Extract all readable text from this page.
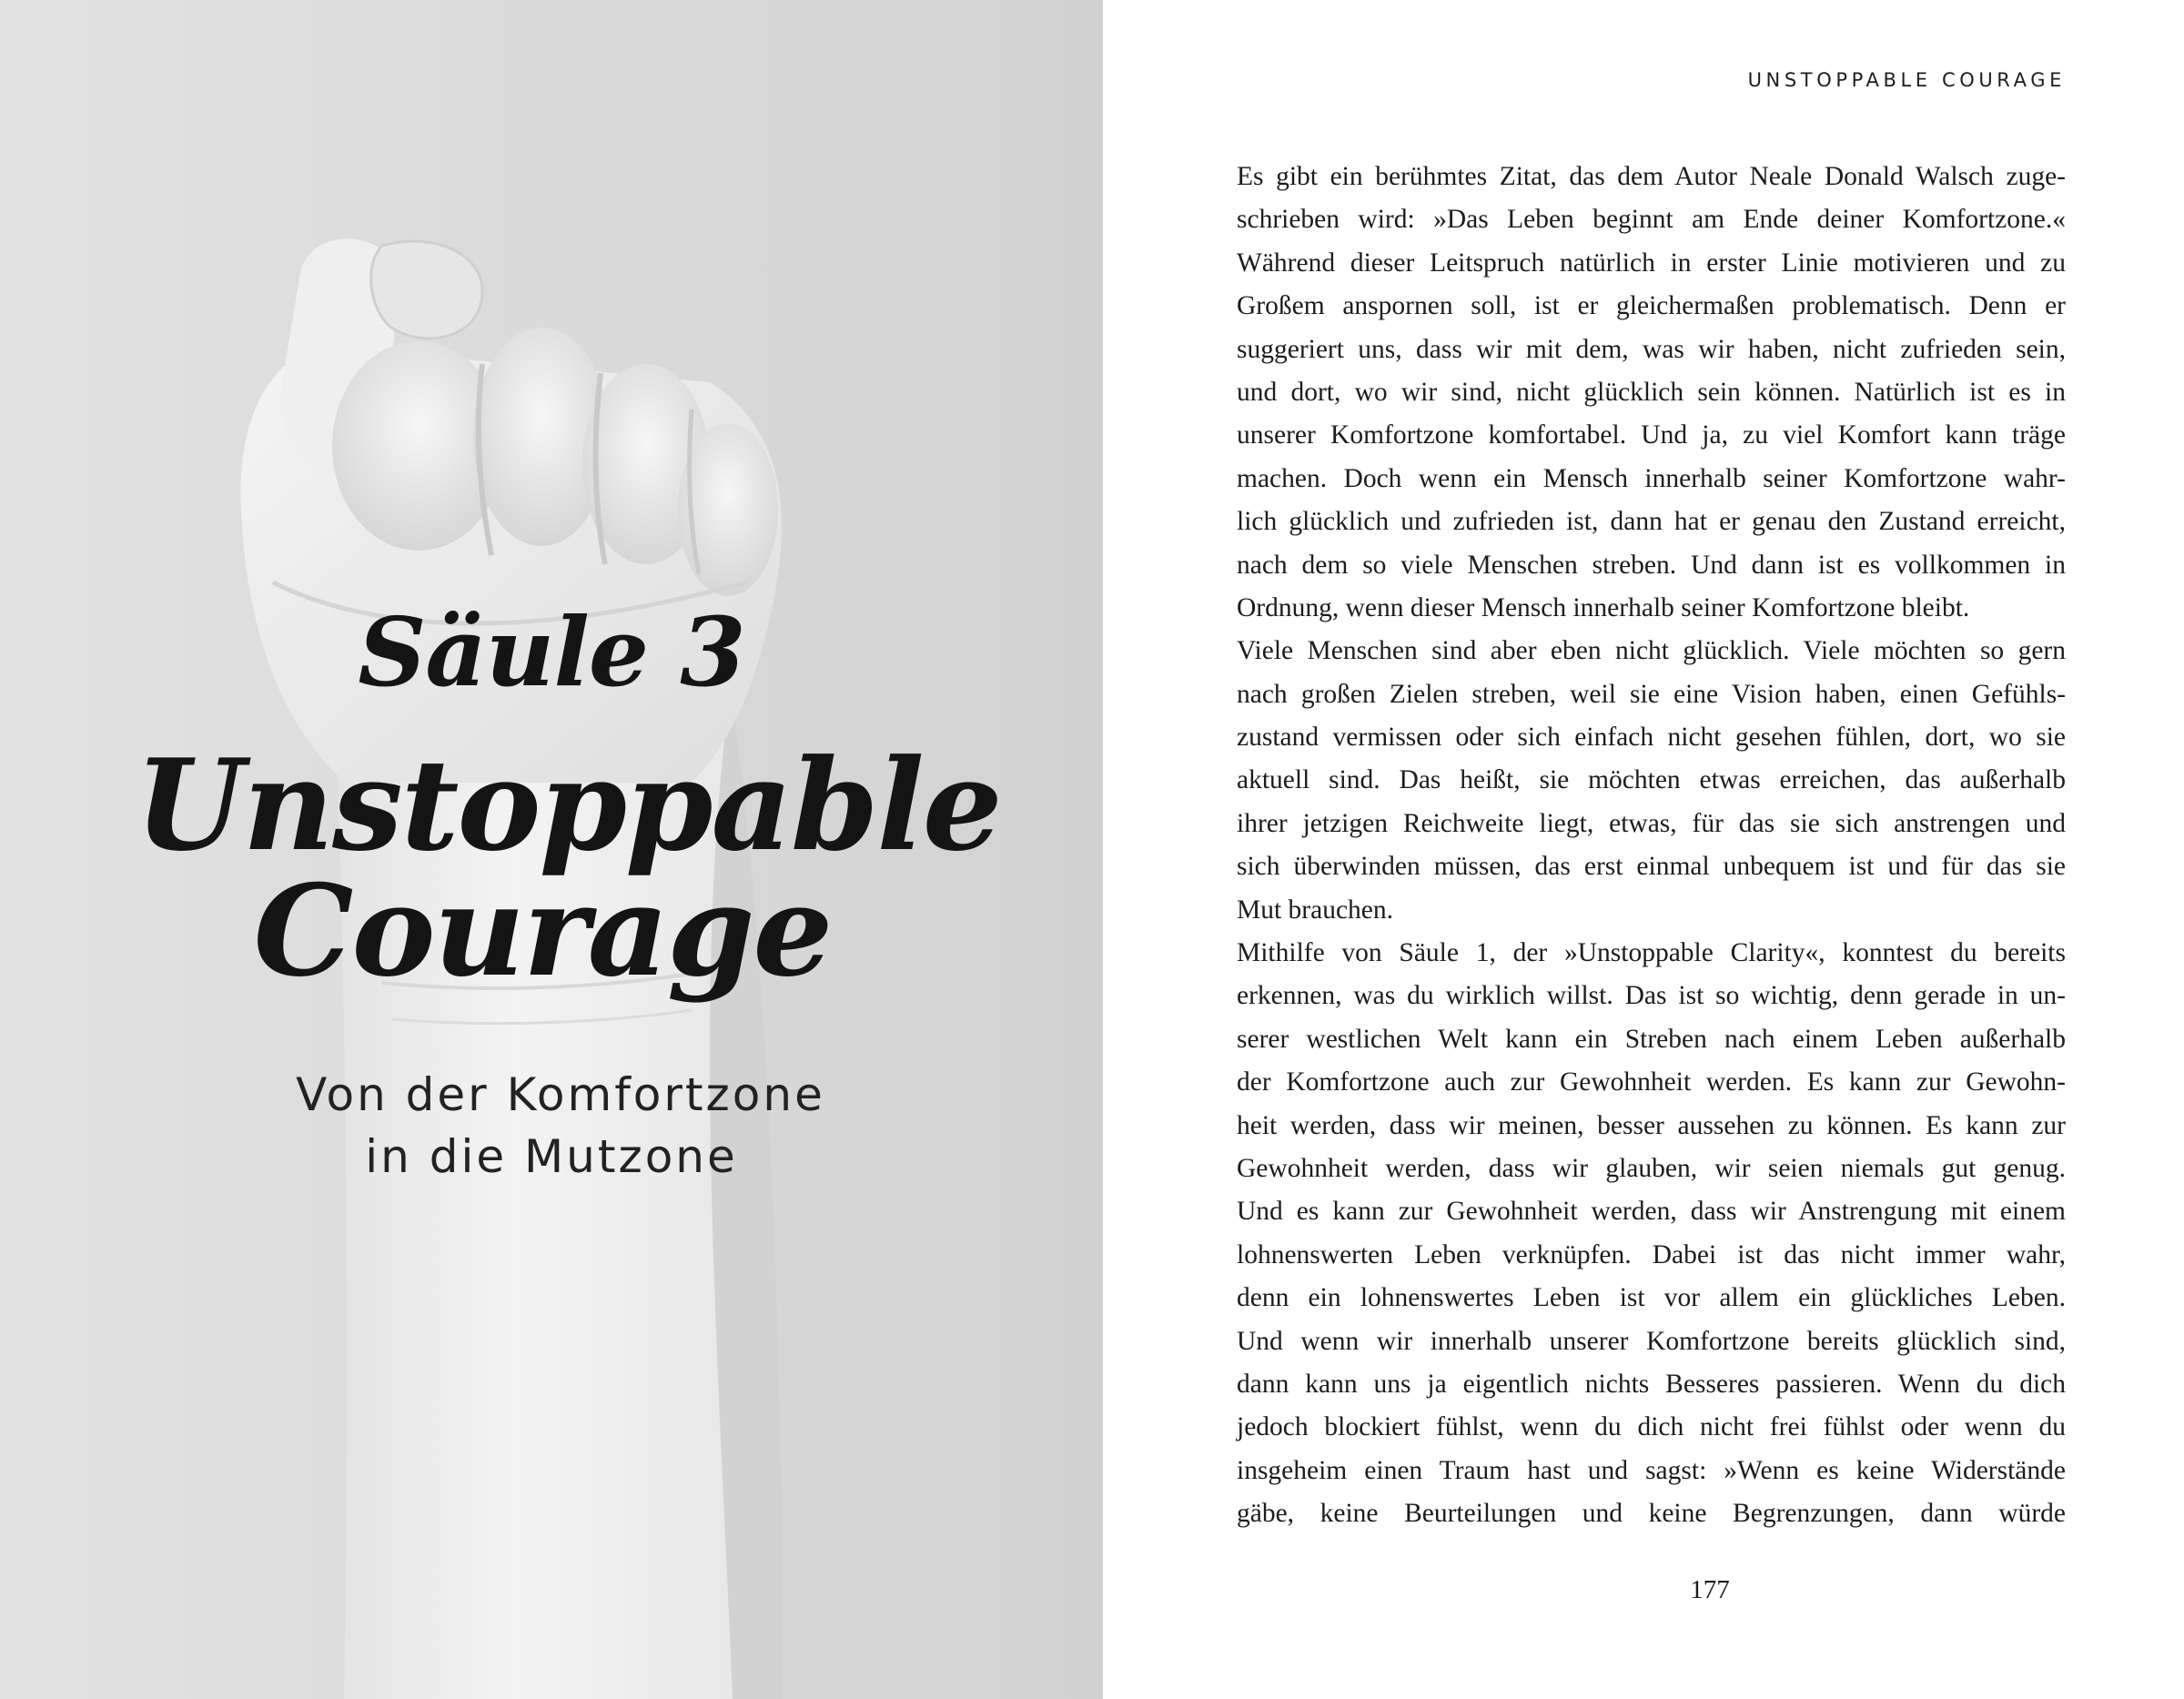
Säule 3
Unstoppable
Courage
Von der Komfortzone
in die Mutzone
UNSTOPPABLE COURAGE
Es gibt ein berühmtes Zitat, das dem Autor Neale Donald Walsch zuge-
schrieben wird: »Das Leben beginnt am Ende deiner Komfortzone.«
Während dieser Leitspruch natürlich in erster Linie motivieren und zu
Großem anspornen soll, ist er gleichermaßen problematisch. Denn er
suggeriert uns, dass wir mit dem, was wir haben, nicht zufrieden sein,
und dort, wo wir sind, nicht glücklich sein können. Natürlich ist es in
unserer Komfortzone komfortabel. Und ja, zu viel Komfort kann träge
machen. Doch wenn ein Mensch innerhalb seiner Komfortzone wahr-
lich glücklich und zufrieden ist, dann hat er genau den Zustand erreicht,
nach dem so viele Menschen streben. Und dann ist es vollkommen in
Ordnung, wenn dieser Mensch innerhalb seiner Komfortzone bleibt.
Viele Menschen sind aber eben nicht glücklich. Viele möchten so gern
nach großen Zielen streben, weil sie eine Vision haben, einen Gefühls-
zustand vermissen oder sich einfach nicht gesehen fühlen, dort, wo sie
aktuell sind. Das heißt, sie möchten etwas erreichen, das außerhalb
ihrer jetzigen Reichweite liegt, etwas, für das sie sich anstrengen und
sich überwinden müssen, das erst einmal unbequem ist und für das sie
Mut brauchen.
Mithilfe von Säule 1, der »Unstoppable Clarity«, konntest du bereits
erkennen, was du wirklich willst. Das ist so wichtig, denn gerade in un-
serer westlichen Welt kann ein Streben nach einem Leben außerhalb
der Komfortzone auch zur Gewohnheit werden. Es kann zur Gewohn-
heit werden, dass wir meinen, besser aussehen zu können. Es kann zur
Gewohnheit werden, dass wir glauben, wir seien niemals gut genug.
Und es kann zur Gewohnheit werden, dass wir Anstrengung mit einem
lohnenswerten Leben verknüpfen. Dabei ist das nicht immer wahr,
denn ein lohnenswertes Leben ist vor allem ein glückliches Leben.
Und wenn wir innerhalb unserer Komfortzone bereits glücklich sind,
dann kann uns ja eigentlich nichts Besseres passieren. Wenn du dich
jedoch blockiert fühlst, wenn du dich nicht frei fühlst oder wenn du
insgeheim einen Traum hast und sagst: »Wenn es keine Widerstände
gäbe, keine Beurteilungen und keine Begrenzungen, dann würde
177
